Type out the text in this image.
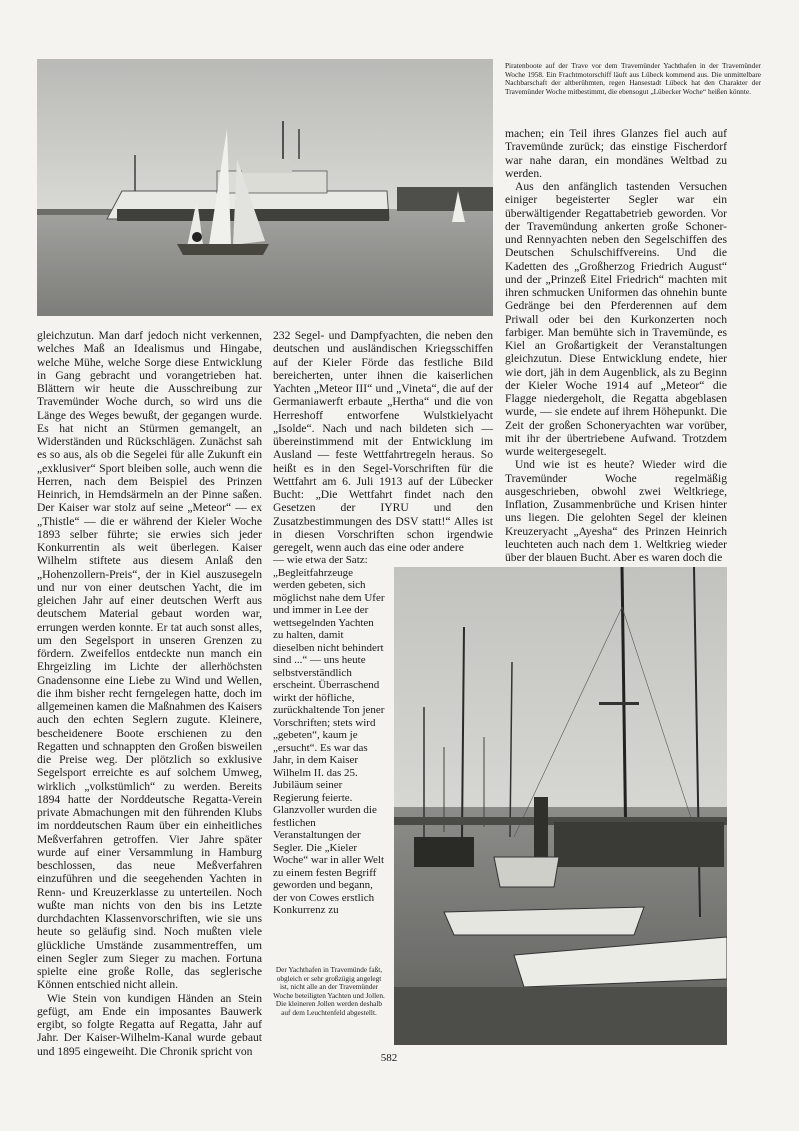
Piratenboote auf der Trave vor dem Travemünder Yachthafen in der Travemünder Woche 1958. Ein Frachtmotorschiff läuft aus Lübeck kommend aus. Die unmittelbare Nachbarschaft der altberühmten, regen Hansestadt Lübeck hat den Charakter der Travemünder Woche mitbestimmt, die ebensogut „Lübecker Woche“ heißen könnte.

gleichzutun. Man darf jedoch nicht verkennen, welches Maß an Idealismus und Hingabe, welche Mühe, welche Sorge diese Entwicklung in Gang gebracht und vorangetrieben hat. Blättern wir heute die Ausschreibung zur Travemünder Woche durch, so wird uns die Länge des Weges bewußt, der gegangen wurde. Es hat nicht an Stürmen gemangelt, an Widerständen und Rückschlägen. Zunächst sah es so aus, als ob die Segelei für alle Zukunft ein „exklusiver“ Sport bleiben solle, auch wenn die Herren, nach dem Beispiel des Prinzen Heinrich, in Hemdsärmeln an der Pinne saßen. Der Kaiser war stolz auf seine „Meteor“ — ex „Thistle“ — die er während der Kieler Woche 1893 selber führte; sie erwies sich jeder Konkurrentin als weit überlegen. Kaiser Wilhelm stiftete aus diesem Anlaß den „Hohenzollern-Preis“, der in Kiel auszusegeln und nur von einer deutschen Yacht, die im gleichen Jahr auf einer deutschen Werft aus deutschem Material gebaut worden war, errungen werden konnte. Er tat auch sonst alles, um den Segelsport in unseren Grenzen zu fördern. Zweifellos entdeckte nun manch ein Ehrgeizling im Lichte der allerhöchsten Gnadensonne eine Liebe zu Wind und Wellen, die ihm bisher recht ferngelegen hatte, doch im allgemeinen kamen die Maßnahmen des Kaisers auch den echten Seglern zugute. Kleinere, bescheidenere Boote erschienen zu den Regatten und schnappten den Großen bisweilen die Preise weg. Der plötzlich so exklusive Segelsport erreichte es auf solchem Umweg, wirklich „volkstümlich“ zu werden. Bereits 1894 hatte der Norddeutsche Regatta-Verein private Abmachungen mit den führenden Klubs im norddeutschen Raum über ein einheitliches Meßverfahren getroffen. Vier Jahre später wurde auf einer Versammlung in Hamburg beschlossen, das neue Meßverfahren einzuführen und die seegehenden Yachten in Renn- und Kreuzerklasse zu unterteilen. Noch wußte man nichts von den bis ins Letzte durchdachten Klassenvorschriften, wie sie uns heute so geläufig sind. Noch mußten viele glückliche Umstände zusammentreffen, um einen Segler zum Sieger zu machen. Fortuna spielte eine große Rolle, das seglerische Können entschied nicht allein.

Wie Stein von kundigen Händen an Stein gefügt, am Ende ein imposantes Bauwerk ergibt, so folgte Regatta auf Regatta, Jahr auf Jahr. Der Kaiser-Wilhelm-Kanal wurde gebaut und 1895 eingeweiht. Die Chronik spricht von

232 Segel- und Dampfyachten, die neben den deutschen und ausländischen Kriegsschiffen auf der Kieler Förde das festliche Bild bereicherten, unter ihnen die kaiserlichen Yachten „Meteor III“ und „Vineta“, die auf der Germaniawerft erbaute „Hertha“ und die von Herreshoff entworfene Wulstkielyacht „Isolde“. Nach und nach bildeten sich — übereinstimmend mit der Entwicklung im Ausland — feste Wettfahrtregeln heraus. So heißt es in den Segel-Vorschriften für die Wettfahrt am 6. Juli 1913 auf der Lübecker Bucht: „Die Wettfahrt findet nach den Gesetzen der IYRU und den Zusatzbestimmungen des DSV statt!“ Alles ist in diesen Vorschriften schon irgendwie geregelt, wenn auch das eine oder andere

— wie etwa der Satz: „Begleitfahrzeuge werden gebeten, sich möglichst nahe dem Ufer und immer in Lee der wettsegelnden Yachten zu halten, damit dieselben nicht behindert sind ...“ — uns heute selbstverständlich erscheint. Überraschend wirkt der höfliche, zurückhaltende Ton jener Vorschriften; stets wird „gebeten“, kaum je „ersucht“. Es war das Jahr, in dem Kaiser Wilhelm II. das 25. Jubiläum seiner Regierung feierte. Glanzvoller wurden die festlichen Veranstaltungen der Segler. Die „Kieler Woche“ war in aller Welt zu einem festen Begriff geworden und begann, der von Cowes erstlich Konkurrenz zu

machen; ein Teil ihres Glanzes fiel auch auf Travemünde zurück; das einstige Fischerdorf war nahe daran, ein mondänes Weltbad zu werden.

Aus den anfänglich tastenden Versuchen einiger begeisterter Segler war ein überwältigender Regattabetrieb geworden. Vor der Travemündung ankerten große Schoner- und Rennyachten neben den Segelschiffen des Deutschen Schulschiffvereins. Und die Kadetten des „Großherzog Friedrich August“ und der „Prinzeß Eitel Friedrich“ machten mit ihren schmucken Uniformen das ohnehin bunte Gedränge bei den Pferderennen auf dem Priwall oder bei den Kurkonzerten noch farbiger. Man bemühte sich in Travemünde, es Kiel an Großartigkeit der Veranstaltungen gleichzutun. Diese Entwicklung endete, hier wie dort, jäh in dem Augenblick, als zu Beginn der Kieler Woche 1914 auf „Meteor“ die Flagge niedergeholt, die Regatta abgeblasen wurde, — sie endete auf ihrem Höhepunkt. Die Zeit der großen Schoneryachten war vorüber, mit ihr der übertriebene Aufwand. Trotzdem wurde weitergesegelt.

Und wie ist es heute? Wieder wird die Travemünder Woche regelmäßig ausgeschrieben, obwohl zwei Weltkriege, Inflation, Zusammenbrüche und Krisen hinter uns liegen. Die gelohten Segel der kleinen Kreuzeryacht „Ayesha“ des Prinzen Heinrich leuchteten auch nach dem 1. Weltkrieg wieder über der blauen Bucht. Aber es waren doch die

Der Yachthafen in Travemünde faßt, obgleich er sehr großzügig angelegt ist, nicht alle an der Travemünder Woche beteiligten Yachten und Jollen. Die kleineren Jollen werden deshalb auf dem Leuchtenfeld abgestellt.
582
